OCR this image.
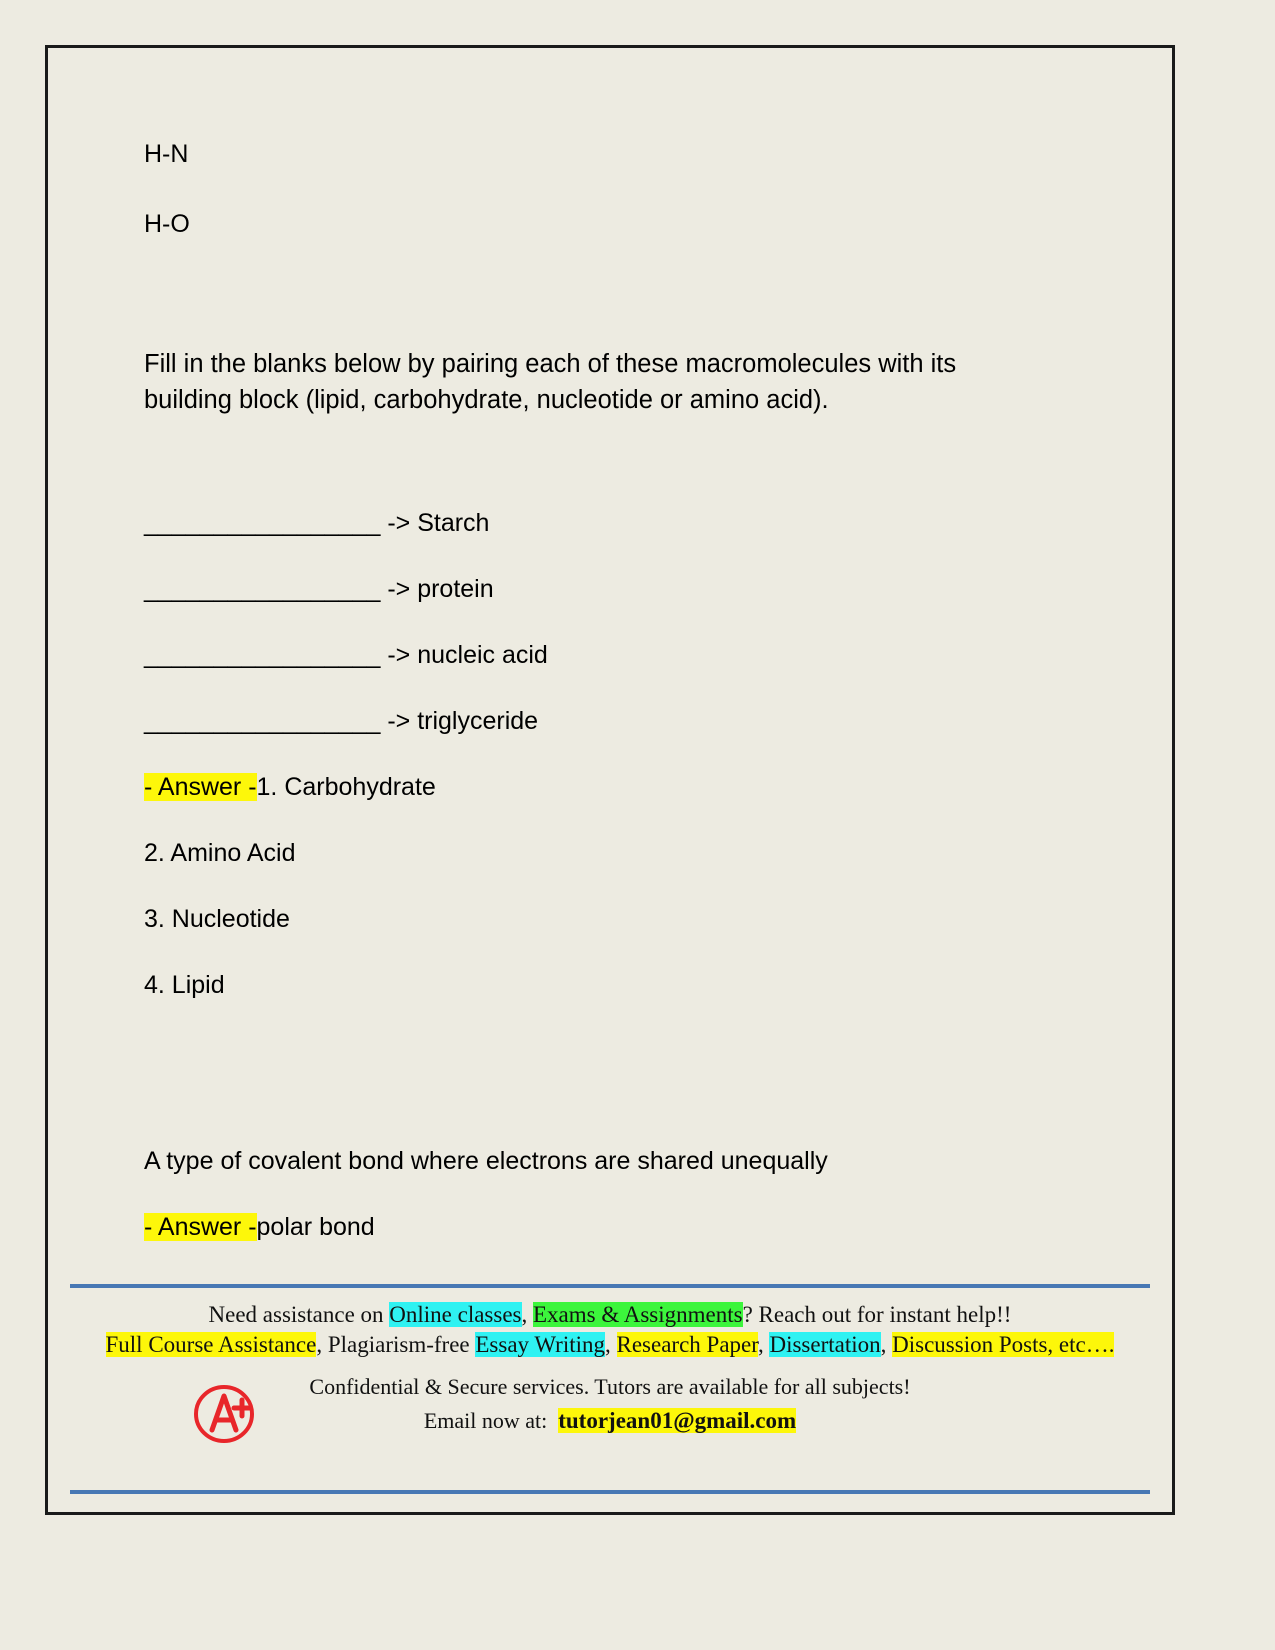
H-N

H-O

Fill in the blanks below by pairing each of these macromolecules with its building block (lipid, carbohydrate, nucleotide or amino acid).

_________________ -> Starch

_________________ -> protein

_________________ -> nucleic acid

_________________ -> triglyceride

- Answer -1. Carbohydrate

2. Amino Acid

3. Nucleotide

4. Lipid

A type of covalent bond where electrons are shared unequally

- Answer -polar bond

Need assistance on Online classes, Exams & Assignments? Reach out for instant help!!
Full Course Assistance, Plagiarism-free Essay Writing, Research Paper, Dissertation, Discussion Posts, etc….
Confidential & Secure services. Tutors are available for all subjects!
Email now at: tutorjean01@gmail.com
